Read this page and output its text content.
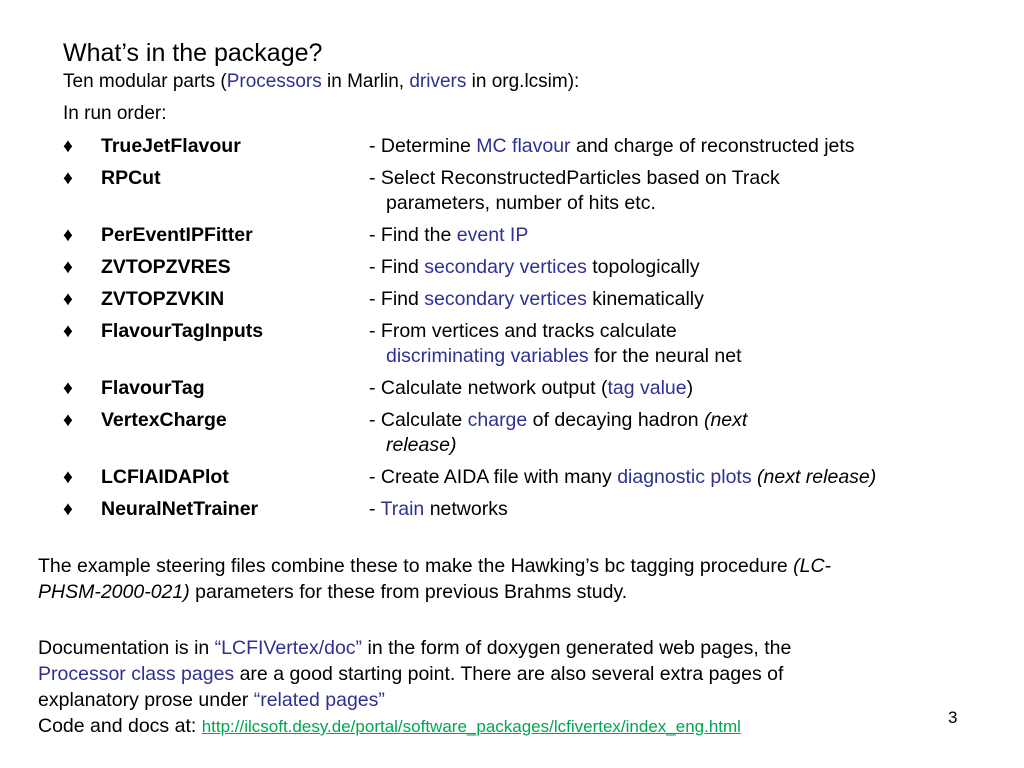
What’s in the package?
Ten modular parts (Processors in Marlin, drivers in org.lcsim):
In run order:
♦ TrueJetFlavour	- Determine MC flavour and charge of reconstructed jets
♦ RPCut	- Select ReconstructedParticles based on Track
parameters, number of hits etc.
♦ PerEventIPFitter	- Find the event IP
♦ ZVTOPZVRES	- Find secondary vertices topologically
♦ ZVTOPZVKIN	- Find secondary vertices kinematically
♦ FlavourTagInputs	- From vertices and tracks calculate
discriminating variables for the neural net
♦ FlavourTag	- Calculate network output (tag value)
♦ VertexCharge	- Calculate charge of decaying hadron (next
release)
♦ LCFIAIDAPlot	- Create AIDA file with many diagnostic plots (next release)
♦ NeuralNetTrainer	- Train networks
The example steering files combine these to make the Hawking’s bc tagging procedure (LC-
PHSM-2000-021) parameters for these from previous Brahms study.
Documentation is in “LCFIVertex/doc” in the form of doxygen generated web pages, the
Processor class pages are a good starting point. There are also several extra pages of
explanatory prose under “related pages”
Code and docs at: http://ilcsoft.desy.de/portal/software_packages/lcfivertex/index_eng.html	3
